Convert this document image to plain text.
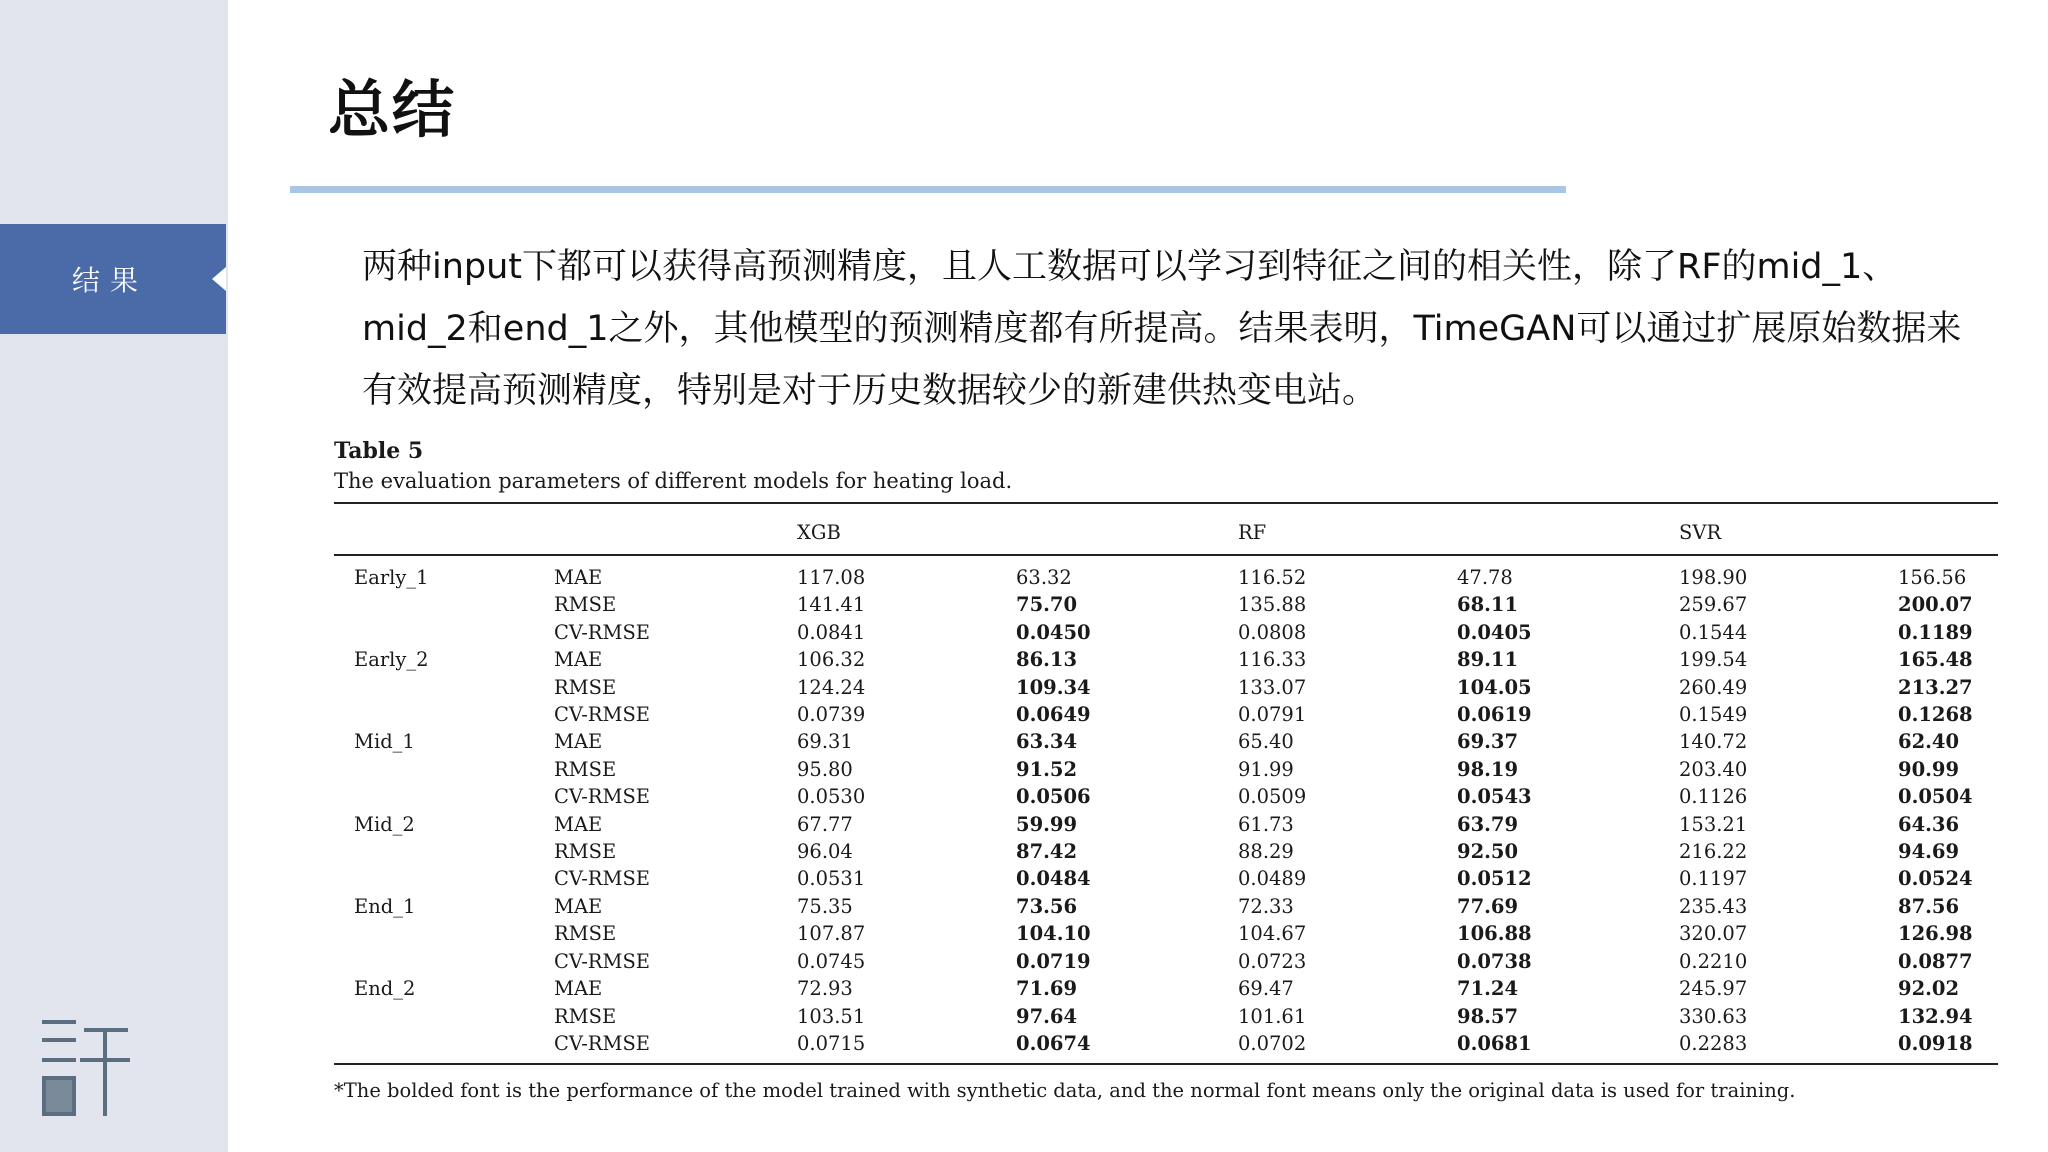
结果
总结

两种input下都可以获得高预测精度，且人工数据可以学习到特征之间的相关性，除了RF的mid_1、mid_2和end_1之外，其他模型的预测精度都有所提高。结果表明，TimeGAN可以通过扩展原始数据来有效提高预测精度，特别是对于历史数据较少的新建供热变电站。

Table 5

The evaluation parameters of different models for heating load.

		XGB		RF		SVR	
Early_1	MAE	117.08	63.32	116.52	47.78	198.90	156.56
	RMSE	141.41	75.70	135.88	68.11	259.67	200.07
	CV-RMSE	0.0841	0.0450	0.0808	0.0405	0.1544	0.1189
Early_2	MAE	106.32	86.13	116.33	89.11	199.54	165.48
	RMSE	124.24	109.34	133.07	104.05	260.49	213.27
	CV-RMSE	0.0739	0.0649	0.0791	0.0619	0.1549	0.1268
Mid_1	MAE	69.31	63.34	65.40	69.37	140.72	62.40
	RMSE	95.80	91.52	91.99	98.19	203.40	90.99
	CV-RMSE	0.0530	0.0506	0.0509	0.0543	0.1126	0.0504
Mid_2	MAE	67.77	59.99	61.73	63.79	153.21	64.36
	RMSE	96.04	87.42	88.29	92.50	216.22	94.69
	CV-RMSE	0.0531	0.0484	0.0489	0.0512	0.1197	0.0524
End_1	MAE	75.35	73.56	72.33	77.69	235.43	87.56
	RMSE	107.87	104.10	104.67	106.88	320.07	126.98
	CV-RMSE	0.0745	0.0719	0.0723	0.0738	0.2210	0.0877
End_2	MAE	72.93	71.69	69.47	71.24	245.97	92.02
	RMSE	103.51	97.64	101.61	98.57	330.63	132.94
	CV-RMSE	0.0715	0.0674	0.0702	0.0681	0.2283	0.0918

*The bolded font is the performance of the model trained with synthetic data, and the normal font means only the original data is used for training.
